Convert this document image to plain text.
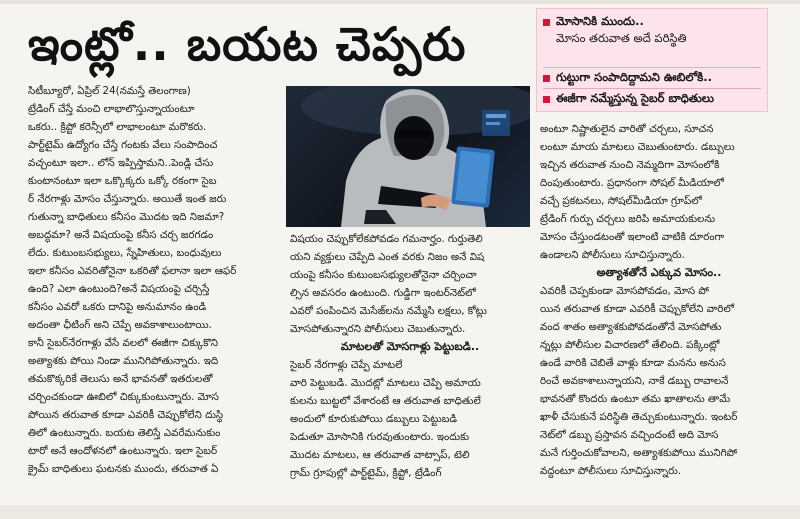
ఇంట్లో.. బయట చెప్పరు	మోసానికి ముందు..
మోసం తరువాత అదే పరిస్థితి
గుట్టుగా సంపాదిద్దామని ఊబిలోకి..
ఈజీగా నమ్మేస్తున్న సైబర్ బాధితులు

సిటీబ్యూరో, ఏప్రిల్ 24(నమస్తే తెలంగాణ)

ట్రేడింగ్ చేస్తే మంచి లాభాలొస్తున్నాయంటూ

ఒకరు.. క్రిప్టో కరెన్సీలో లాభాలంటూ మరొకరు.

పార్ట్‌టైమ్ ఉద్యోగం చేస్తే గంటకు వేలు సంపాదించ

వచ్చంటూ ఇలా.. లోన్ ఇప్పిస్తామని..పెండ్లి చేసు

కుంటానంటూ ఇలా ఒక్కొక్కరు ఒక్కో రకంగా సైబ

ర్ నేరగాళ్లు మోసం చేస్తున్నారు. అయితే ఇంత జరు

గుతున్నా బాధితులు కనీసం మొదట ఇది నిజమా?

అబద్ధమా? అనే విషయంపై కనీస చర్చ జరగడం

లేదు. కుటుంబసభ్యులు, స్నేహితులు, బంధువులు

ఇలా కనీసం ఎవరితోనైనా ఒకరితో ఫలానా ఇలా ఆఫర్

ఉంది? ఎలా ఉంటుంది?అనే విషయంపై చర్చిస్తే

కనీసం ఎవరో ఒకరు దానిపై అనుమానం ఉండి

అదంతా ఛీటింగ్ అని చెప్పే అవకాశాలుంటాయి.

కానీ సైబర్‌నేరగాళ్లు వేసే వలలో ఈజీగా చిక్కుకొని

అత్యాశకు పోయి నిండా మునిగిపోతున్నారు. ఇది

తమకొక్కరికే తెలుసు అనే భావనతో ఇతరులతో

చర్చించకుండా ఊబిలో చిక్కుకుంటున్నారు. మోస

పోయిన తరువాత కూడా ఎవరికీ చెప్పుకోలేని దుస్థి

తిలో ఉంటున్నారు. బయట తెలిస్తే ఎవరేమనుకుం

టారో అనే ఆందోళనలో ఉంటున్నారు. ఇలా సైబర్

క్రైమ్ బాధితులు ఘటనకు ముందు, తరువాత ఏ

విషయం చెప్పుకోలేకపోవడం గమనార్హం. గుర్తుతెలి

యని వ్యక్తులు చెప్పేది ఎంత వరకు నిజం అనే విష

యంపై కనీసం కుటుంబసభ్యులతోనైనా చర్చించా

ల్సిన అవసరం ఉంటుంది. గుడ్డిగా ఇంటర్‌నెట్‌లో

ఎవరో పంపించిన మెసేజ్‌లను నమ్మేసి లక్షలు, కోట్లు

మోసపోతున్నారని పోలీసులు చెబుతున్నారు.

మాటలతో మోసగాళ్లు పెట్టుబడి..

సైబర్ నేరగాళ్లు చెప్పే మాటలే

వారి పెట్టుబడి. మొదట్లో మాటలు చెప్పి అమాయ

కులను బుట్టలో వేశారంటే ఆ తరువాత బాధితులే

అందులో కూరుకుపోయి డబ్బులు పెట్టుబడి

పెడుతూ మోసానికి గురవుతుంటారు. ఇందుకు

మొదట మాటలు, ఆ తరువాత వాట్సాప్, టెలి

గ్రామ్ గ్రూపుల్లో పార్ట్‌టైమ్, క్రిప్టో, ట్రేడింగ్

అంటూ నిష్ణాతులైన వారితో చర్చలు, సూచన

లంటూ మాయ మాటలు చెబుతుంటారు. డబ్బులు

ఇచ్చిన తరువాత నుంచి నెమ్మదిగా మోసంలోకి

దింపుతుంటారు. ప్రధానంగా సోషల్ మీడియాలో

వచ్చే ప్రకటనలు, సోషల్‌మీడియా గ్రూప్‌లో

ట్రేడింగ్ గుర్పు చర్చలు జరిపి అమాయకులను

మోసం చేస్తుండటంతో ఇలాంటి వాటికి దూరంగా

ఉండాలని పోలీసులు సూచిస్తున్నారు.

అత్యాశతోనే ఎక్కువ మోసం..

ఎవరికీ చెప్పకుండా మోసపోవడం, మోస పో

యిన తరువాత కూడా ఎవరికీ చెప్పుకోలేని వారిలో

వంద శాతం అత్యాశకుపోవడంతోనే మోసపోతు

న్నట్లు పోలీసుల విచారణలో తేలింది. పక్కింట్లో

ఉండే వారికి చెబితే వాళ్లు కూడా మనను అనుస

రించే అవకాశాలున్నాయని, నాకే డబ్బు రావాలనే

భావనతో కొందరు ఉంటూ తమ ఖాతాలను తామే

ఖాళీ చేసుకునే పరిస్థితి తెచ్చుకుంటున్నారు. ఇంటర్

నెట్‌లో డబ్బు ప్రస్తావన వచ్చిందంటే అది మోస

మనే గుర్తించుకోవాలని, అత్యాశకుపోయి మునిగిపో

వద్దంటూ పోలీసులు సూచిస్తున్నారు.
